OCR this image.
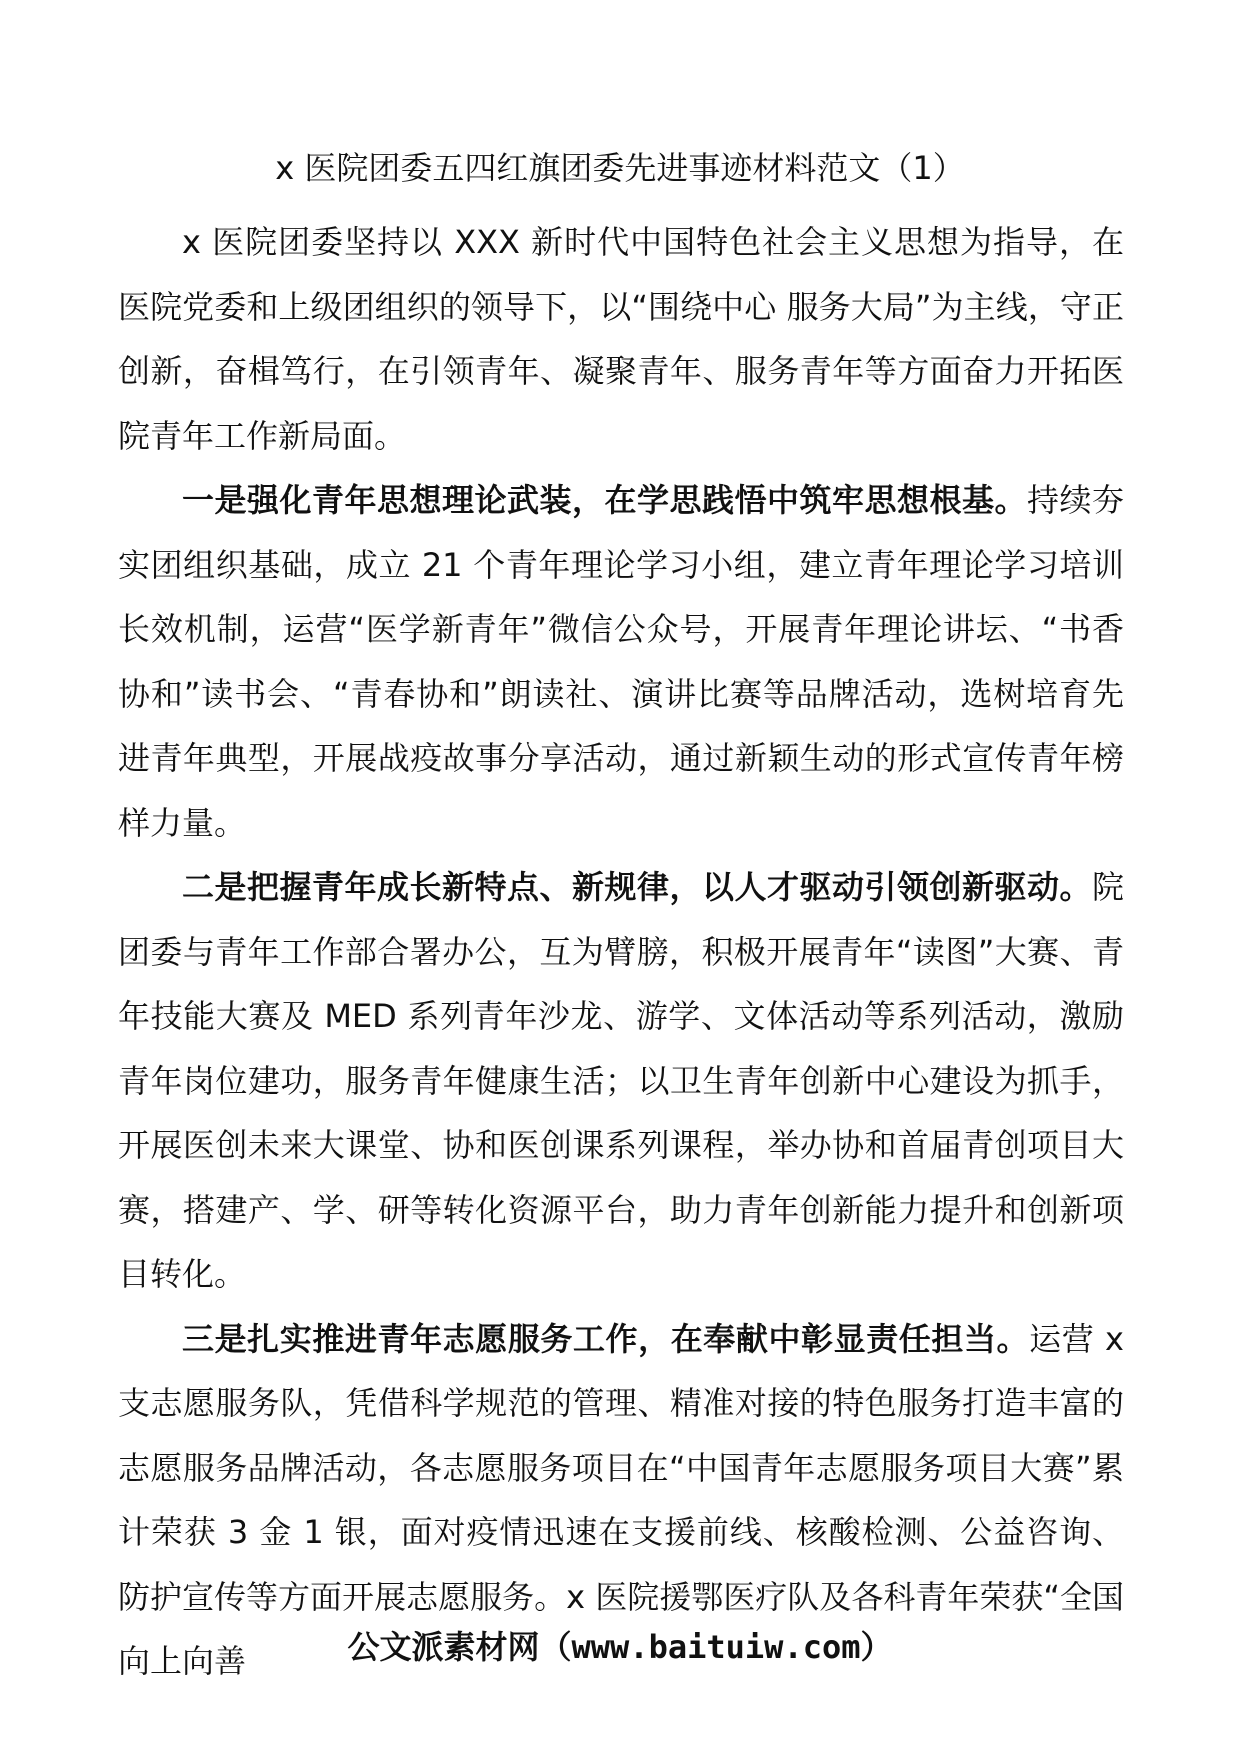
x 医院团委五四红旗团委先进事迹材料范文（1）

x 医院团委坚持以 XXX 新时代中国特色社会主义思想为指导，在医院党委和上级团组织的领导下，以“围绕中心 服务大局”为主线，守正创新，奋楫笃行，在引领青年、凝聚青年、服务青年等方面奋力开拓医院青年工作新局面。

一是强化青年思想理论武装，在学思践悟中筑牢思想根基。持续夯实团组织基础，成立 21 个青年理论学习小组，建立青年理论学习培训长效机制，运营“医学新青年”微信公众号，开展青年理论讲坛、“书香协和”读书会、“青春协和”朗读社、演讲比赛等品牌活动，选树培育先进青年典型，开展战疫故事分享活动，通过新颖生动的形式宣传青年榜样力量。

二是把握青年成长新特点、新规律，以人才驱动引领创新驱动。院团委与青年工作部合署办公，互为臂膀，积极开展青年“读图”大赛、青年技能大赛及 MED 系列青年沙龙、游学、文体活动等系列活动，激励青年岗位建功，服务青年健康生活；以卫生青年创新中心建设为抓手，开展医创未来大课堂、协和医创课系列课程，举办协和首届青创项目大赛，搭建产、学、研等转化资源平台，助力青年创新能力提升和创新项目转化。

三是扎实推进青年志愿服务工作，在奉献中彰显责任担当。运营 x 支志愿服务队，凭借科学规范的管理、精准对接的特色服务打造丰富的志愿服务品牌活动，各志愿服务项目在“中国青年志愿服务项目大赛”累计荣获 3 金 1 银，面对疫情迅速在支援前线、核酸检测、公益咨询、防护宣传等方面开展志愿服务。x 医院援鄂医疗队及各科青年荣获“全国向上向善	公文派素材网（www.baituiw.com）
